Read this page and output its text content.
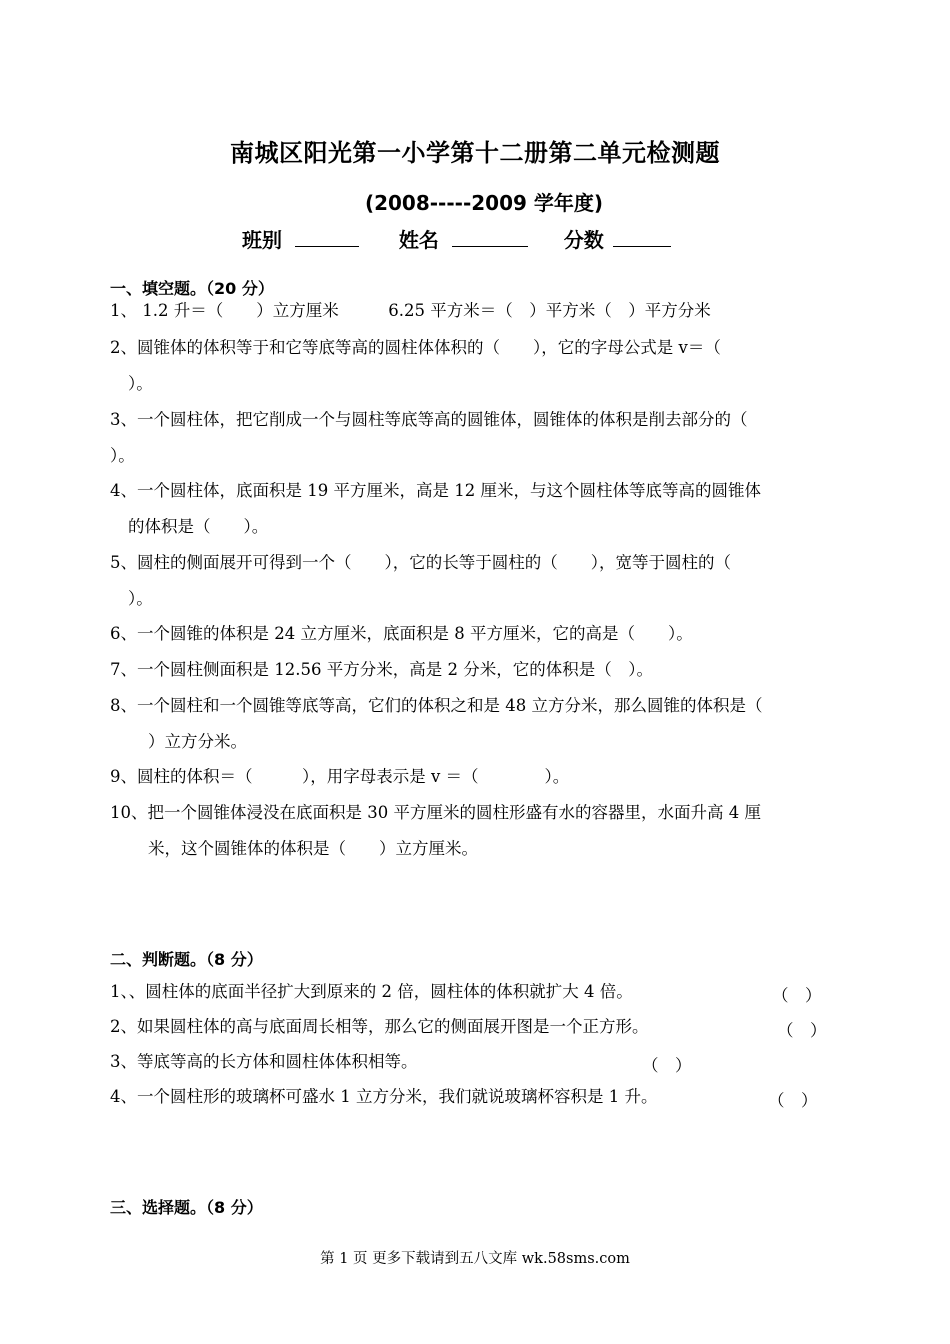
南城区阳光第一小学第十二册第二单元检测题
(2008-----2009 学年度)
班别	姓名	分数
一、填空题。（20 分）
1、 1.2 升＝（　　）立方厘米　　　6.25 平方米＝（　）平方米（　）平方分米
2、圆锥体的体积等于和它等底等高的圆柱体体积的（　　），它的字母公式是 v＝（
）。
3、一个圆柱体，把它削成一个与圆柱等底等高的圆锥体，圆锥体的体积是削去部分的（
）。
4、一个圆柱体，底面积是 19 平方厘米，高是 12 厘米，与这个圆柱体等底等高的圆锥体
的体积是（　　）。
5、圆柱的侧面展开可得到一个（　　），它的长等于圆柱的（　　），宽等于圆柱的（
）。
6、一个圆锥的体积是 24 立方厘米，底面积是 8 平方厘米，它的高是（　　）。
7、一个圆柱侧面积是 12.56 平方分米，高是 2 分米，它的体积是（　）。
8、一个圆柱和一个圆锥等底等高，它们的体积之和是 48 立方分米，那么圆锥的体积是（
）立方分米。
9、圆柱的体积＝（　　　），用字母表示是 v ＝（　　　　）。
10、把一个圆锥体浸没在底面积是 30 平方厘米的圆柱形盛有水的容器里，水面升高 4 厘
米，这个圆锥体的体积是（　　）立方厘米。
二、判断题。（8 分）
1、、圆柱体的底面半径扩大到原来的 2 倍，圆柱体的体积就扩大 4 倍。	（　）
2、如果圆柱体的高与底面周长相等，那么它的侧面展开图是一个正方形。	（　）
3、等底等高的长方体和圆柱体体积相等。	（　）
4、一个圆柱形的玻璃杯可盛水 1 立方分米，我们就说玻璃杯容积是 1 升。	（　）
三、选择题。（8 分）
第 1 页 更多下载请到五八文库 wk.58sms.com
